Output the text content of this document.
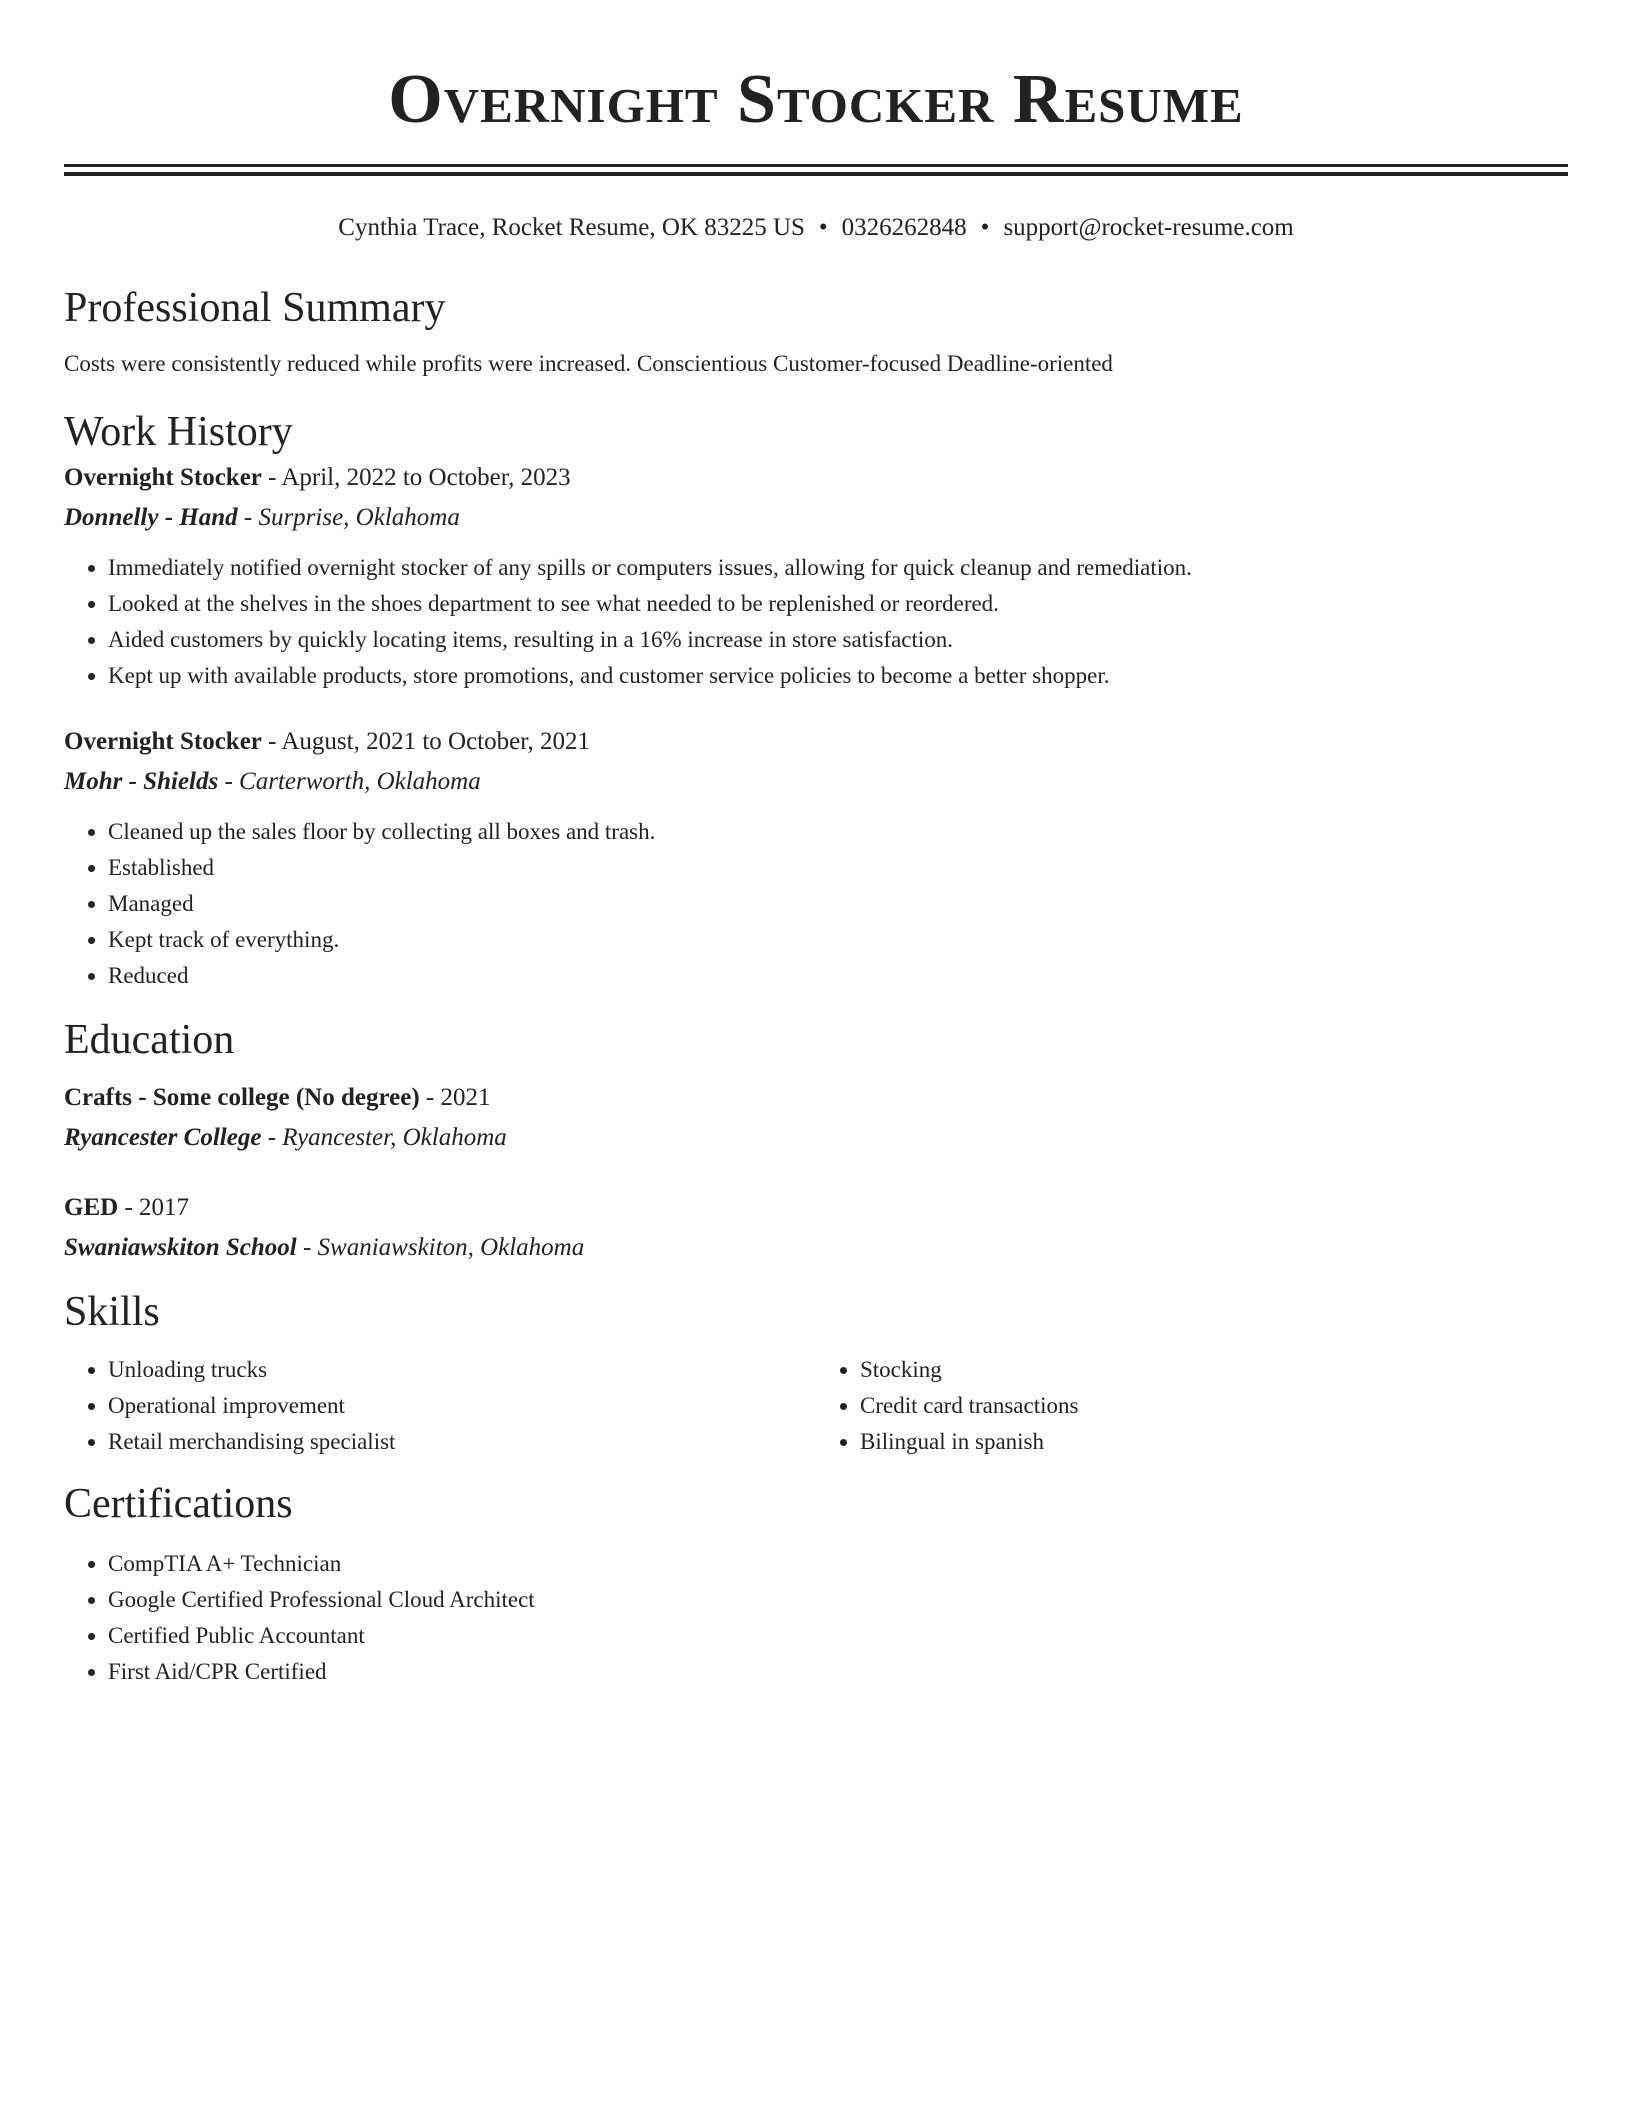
Overnight Stocker Resume
Cynthia Trace, Rocket Resume, OK 83225 US • 0326262848 • support@rocket-resume.com
Professional Summary
Costs were consistently reduced while profits were increased. Conscientious Customer-focused Deadline-oriented
Work History
Overnight Stocker - April, 2022 to October, 2023
Donnelly - Hand - Surprise, Oklahoma
• Immediately notified overnight stocker of any spills or computers issues, allowing for quick cleanup and remediation.
• Looked at the shelves in the shoes department to see what needed to be replenished or reordered.
• Aided customers by quickly locating items, resulting in a 16% increase in store satisfaction.
• Kept up with available products, store promotions, and customer service policies to become a better shopper.
Overnight Stocker - August, 2021 to October, 2021
Mohr - Shields - Carterworth, Oklahoma
• Cleaned up the sales floor by collecting all boxes and trash.
• Established
• Managed
• Kept track of everything.
• Reduced
Education
Crafts - Some college (No degree) - 2021
Ryancester College - Ryancester, Oklahoma
GED - 2017
Swaniawskiton School - Swaniawskiton, Oklahoma
Skills
• Unloading trucks
• Operational improvement
• Retail merchandising specialist
• Stocking
• Credit card transactions
• Bilingual in spanish
Certifications
• CompTIA A+ Technician
• Google Certified Professional Cloud Architect
• Certified Public Accountant
• First Aid/CPR Certified
